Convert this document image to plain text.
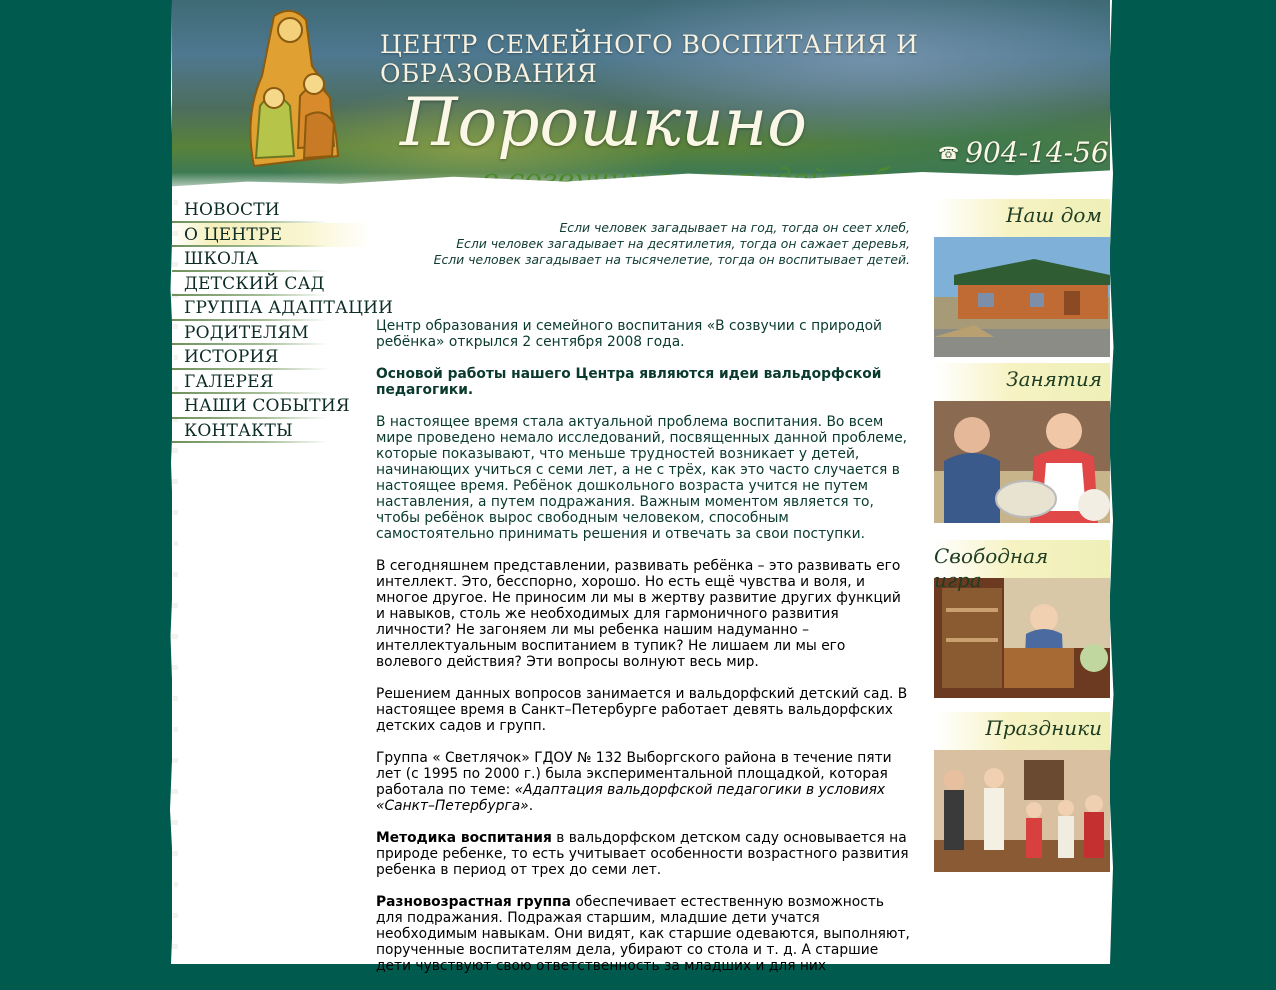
ЦЕНТР СЕМЕЙНОГО ВОСПИТАНИЯ И ОБРАЗОВАНИЯ
Порошкино	☎ 904-14-56
НОВОСТИ
О ЦЕНТРЕ
ШКОЛА
ДЕТСКИЙ САД
ГРУППА АДАПТАЦИИ
РОДИТЕЛЯМ
ИСТОРИЯ
ГАЛЕРЕЯ
НАШИ СОБЫТИЯ
КОНТАКТЫ
Если человек загадывает на год, тогда он сеет хлеб,
Если человек загадывает на десятилетия, тогда он сажает деревья,
Если человек загадывает на тысячелетие, тогда он воспитывает детей.

Центр образования и семейного воспитания «В созвучии с природой ребёнка» открылся 2 сентября 2008 года.

Основой работы нашего Центра являются идеи вальдорфской педагогики.

В настоящее время стала актуальной проблема воспитания. Во всем мире проведено немало исследований, посвященных данной проблеме, которые показывают, что меньше трудностей возникает у детей, начинающих учиться с семи лет, а не с трёх, как это часто случается в настоящее время. Ребёнок дошкольного возраста учится не путем наставления, а путем подражания. Важным моментом является то, чтобы ребёнок вырос свободным человеком, способным самостоятельно принимать решения и отвечать за свои поступки.

В сегодняшнем представлении, развивать ребёнка – это развивать его интеллект. Это, бесспорно, хорошо. Но есть ещё чувства и воля, и многое другое. Не приносим ли мы в жертву развитие других функций и навыков, столь же необходимых для гармоничного развития личности? Не загоняем ли мы ребенка нашим надуманно – интеллектуальным воспитанием в тупик? Не лишаем ли мы его волевого действия? Эти вопросы волнуют весь мир.

Решением данных вопросов занимается и вальдорфский детский сад. В настоящее время в Санкт–Петербурге работает девять вальдорфских детских садов и групп.

Группа « Светлячок» ГДОУ № 132 Выборгского района в течение пяти лет (с 1995 по 2000 г.) была экспериментальной площадкой, которая работала по теме: «Адаптация вальдорфской педагогики в условиях «Санкт–Петербурга».

Методика воспитания в вальдорфском детском саду основывается на природе ребенке, то есть учитывает особенности возрастного развития ребенка в период от трех до семи лет.

Разновозрастная группа обеспечивает естественную возможность для подражания. Подражая старшим, младшие дети учатся необходимым навыкам. Они видят, как старшие одеваются, выполняют, порученные воспитателям дела, убирают со стола и т. д. А старшие дети чувствуют свою ответственность за младших и для них

Наш дом
Занятия
Свободная игра
Праздники
